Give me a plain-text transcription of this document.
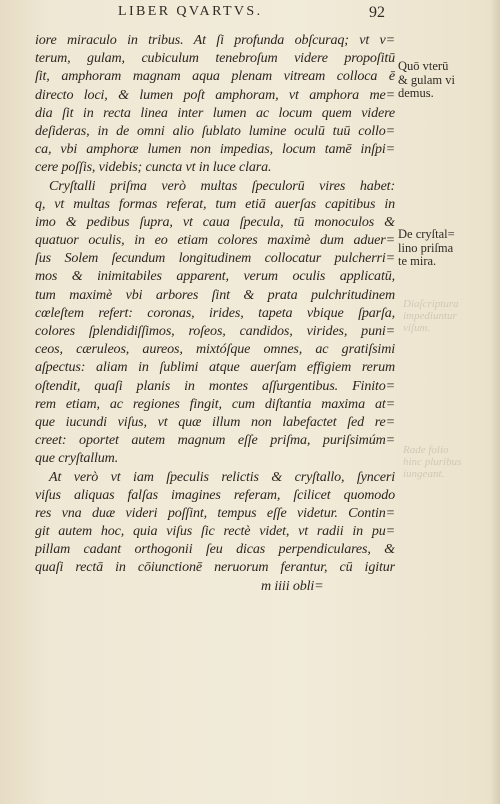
LIBER QVARTVS.	92
iore miraculo in tribus. At ſi profunda obſcuraq; vt v=
terum, gulam, cubiculum tenebroſum videre propoſitū
ſit, amphoram magnam aqua plenam vitream colloca ē
directo loci, & lumen poſt amphoram, vt amphora me=
dia ſit in recta linea inter lumen ac locum quem videre
deſideras, in de omni alio ſublato lumine oculū tuū collo=
ca, vbi amphoræ lumen non impedias, locum tamē inſpi=
cere poſſis, videbis; cuncta vt in luce clara.
Cryſtalli priſma verò multas ſpeculorū vires habet:
q, vt multas formas referat, tum etiā auerſas capitibus in
imo & pedibus ſupra, vt caua ſpecula, tū monoculos &
quatuor oculis, in eo etiam colores maximè dum aduer=
ſus Solem ſecundum longitudinem collocatur pulcherri=
mos & inimitabiles apparent, verum oculis applicatū,
tum maximè vbi arbores ſint & prata pulchritudinem
cœleſtem refert: coronas, irides, tapeta vbique ſparſa,
colores ſplendidiſſimos, roſeos, candidos, virides, puni=
ceos, cæruleos, aureos, mixtóſque omnes, ac gratiſsimi
aſpectus: aliam in ſublimi atque auerſam effigiem rerum
oſtendit, quaſi planis in montes aſſurgentibus. Finito=
rem etiam, ac regiones fingit, cum diſtantia maxima at=
que iucundi viſus, vt quæ illum non labefactet ſed re=
creet: oportet autem magnum eſſe priſma, puriſsimúm=
que cryſtallum.
At verò vt iam ſpeculis relictis & cryſtallo, ſynceri
viſus aliquas falſas imagines referam, ſcilicet quomodo
res vna duæ videri poſſint, tempus eſſe videtur. Contin=
git autem hoc, quia viſus ſic rectè videt, vt radii in pu=
pillam cadant orthogonii ſeu dicas perpendiculares, &
quaſi rectā in cōiunctionē neruorum ferantur, cū igitur
m iiii obli=
Quō vterū
& gulam vi
demus.
De cryſtal=
lino priſma
te mira.
Diaſcriptura
impediuntur
viſum.
Rade folio
hinc pluribus
iungeant.
